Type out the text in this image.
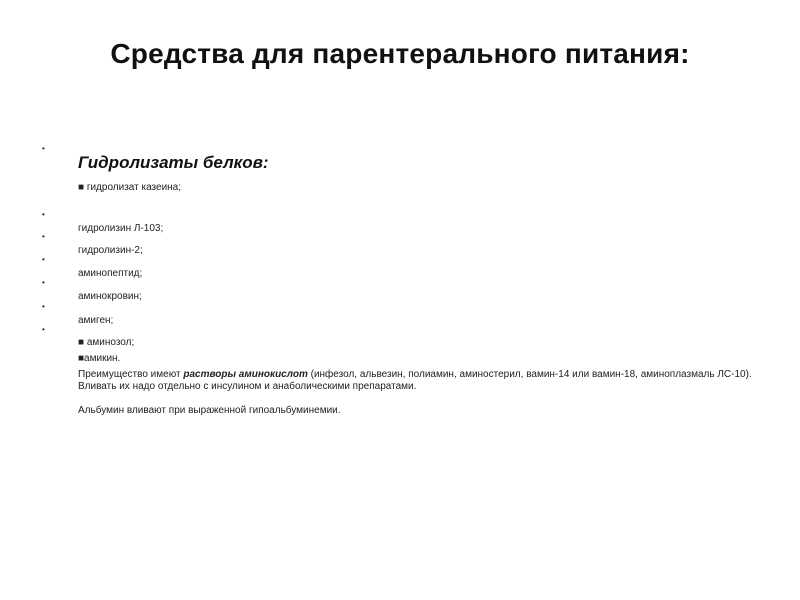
Средства для парентерального питания:
•
Гидролизаты белков:
■ гидролизат казеина;
•
гидролизин Л-103;
•
гидролизин-2;
•
аминопептид;
•
аминокровин;
•
амиген;
•
■ аминозол;
■амикин.
Преимущество имеют растворы аминокислот (инфезол, альвезин, полиамин, аминостерил, вамин-14 или вамин-18, аминоплазмаль ЛС-10). Вливать их надо отдельно с инсулином и анаболическими препаратами.
Альбумин вливают при выраженной гипоальбуминемии.
